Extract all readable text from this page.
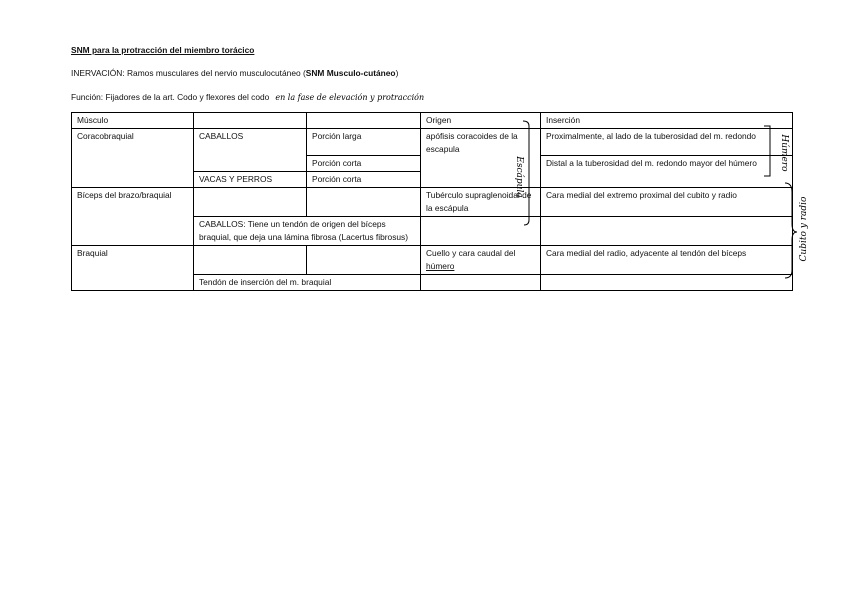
SNM para la protracción del miembro torácico
INERVACIÓN: Ramos musculares del nervio musculocutáneo (SNM Musculo-cutáneo)
Función: Fijadores de la art. Codo y flexores del codo en la fase de elevación y protracción
Músculo			Origen	Inserción
Coracobraquial	CABALLOS	Porción larga	apófisis coracoides de la escapula	Proximalmente, al lado de la tuberosidad del m. redondo
		Porción corta		Distal a la tuberosidad del m. redondo mayor del húmero
	VACAS Y PERROS	Porción corta		
Bíceps del brazo/braquial			Tubérculo supraglenoidal de la escápula	Cara medial del extremo proximal del cubito y radio
	CABALLOS: Tiene un tendón de origen del bíceps braquial, que deja una lámina fibrosa (Lacertus fibrosus)			
Braquial			Cuello y cara caudal del húmero	Cara medial del radio, adyacente al tendón del bíceps
	Tendón de inserción del m. braquial			
Escápula
Húmero
Cubito y radio
